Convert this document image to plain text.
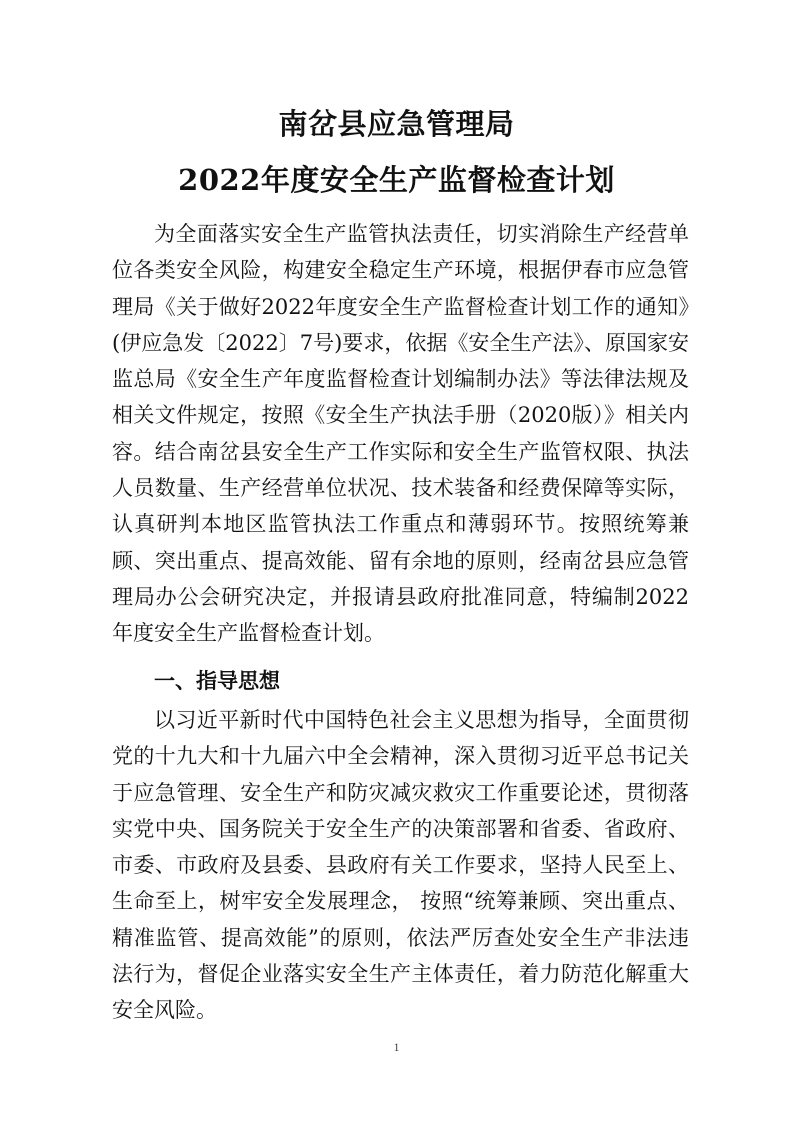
南岔县应急管理局
2022年度安全生产监督检查计划

为全面落实安全生产监管执法责任，切实消除生产经营单位各类安全风险，构建安全稳定生产环境，根据伊春市应急管理局《关于做好2022年度安全生产监督检查计划工作的通知》(伊应急发〔2022〕7号)要求，依据《安全生产法》、原国家安监总局《安全生产年度监督检查计划编制办法》等法律法规及相关文件规定，按照《安全生产执法手册（2020版）》相关内容。结合南岔县安全生产工作实际和安全生产监管权限、执法人员数量、生产经营单位状况、技术装备和经费保障等实际，认真研判本地区监管执法工作重点和薄弱环节。按照统筹兼顾、突出重点、提高效能、留有余地的原则，经南岔县应急管理局办公会研究决定，并报请县政府批准同意，特编制2022年度安全生产监督检查计划。

一、指导思想

以习近平新时代中国特色社会主义思想为指导，全面贯彻党的十九大和十九届六中全会精神，深入贯彻习近平总书记关于应急管理、安全生产和防灾减灾救灾工作重要论述，贯彻落实党中央、国务院关于安全生产的决策部署和省委、省政府、市委、市政府及县委、县政府有关工作要求，坚持人民至上、生命至上，树牢安全发展理念， 按照“统筹兼顾、突出重点、精准监管、提高效能”的原则，依法严厉查处安全生产非法违法行为，督促企业落实安全生产主体责任，着力防范化解重大安全风险。

1
